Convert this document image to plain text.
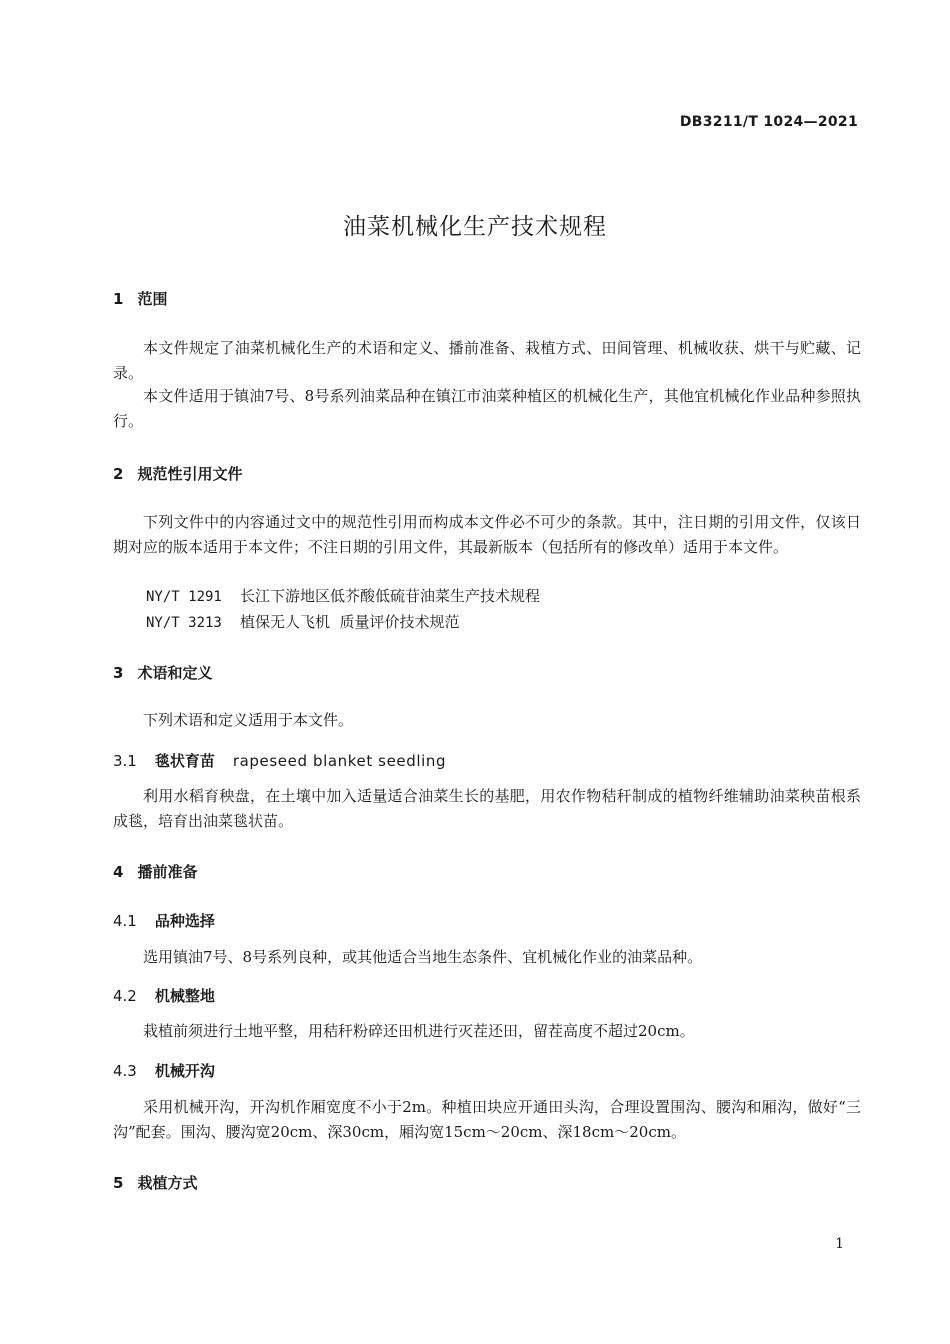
DB3211/T 1024—2021
油菜机械化生产技术规程
1 范围

本文件规定了油菜机械化生产的术语和定义、播前准备、栽植方式、田间管理、机械收获、烘干与贮藏、记录。

本文件适用于镇油7号、8号系列油菜品种在镇江市油菜种植区的机械化生产，其他宜机械化作业品种参照执行。

2 规范性引用文件

下列文件中的内容通过文中的规范性引用而构成本文件必不可少的条款。其中，注日期的引用文件，仅该日期对应的版本适用于本文件；不注日期的引用文件，其最新版本（包括所有的修改单）适用于本文件。

NY/T 1291 长江下游地区低芥酸低硫苷油菜生产技术规程
NY/T 3213 植保无人飞机  质量评价技术规范
3 术语和定义

下列术语和定义适用于本文件。

3.1 毯状育苗 rapeseed blanket seedling

利用水稻育秧盘，在土壤中加入适量适合油菜生长的基肥，用农作物秸秆制成的植物纤维辅助油菜秧苗根系成毯，培育出油菜毯状苗。

4 播前准备
4.1 品种选择

选用镇油7号、8号系列良种，或其他适合当地生态条件、宜机械化作业的油菜品种。

4.2 机械整地

栽植前须进行土地平整，用秸秆粉碎还田机进行灭茬还田，留茬高度不超过20cm。

4.3 机械开沟

采用机械开沟，开沟机作厢宽度不小于2m。种植田块应开通田头沟，合理设置围沟、腰沟和厢沟，做好“三沟”配套。围沟、腰沟宽20cm、深30cm，厢沟宽15cm～20cm、深18cm～20cm。

5 栽植方式
1
